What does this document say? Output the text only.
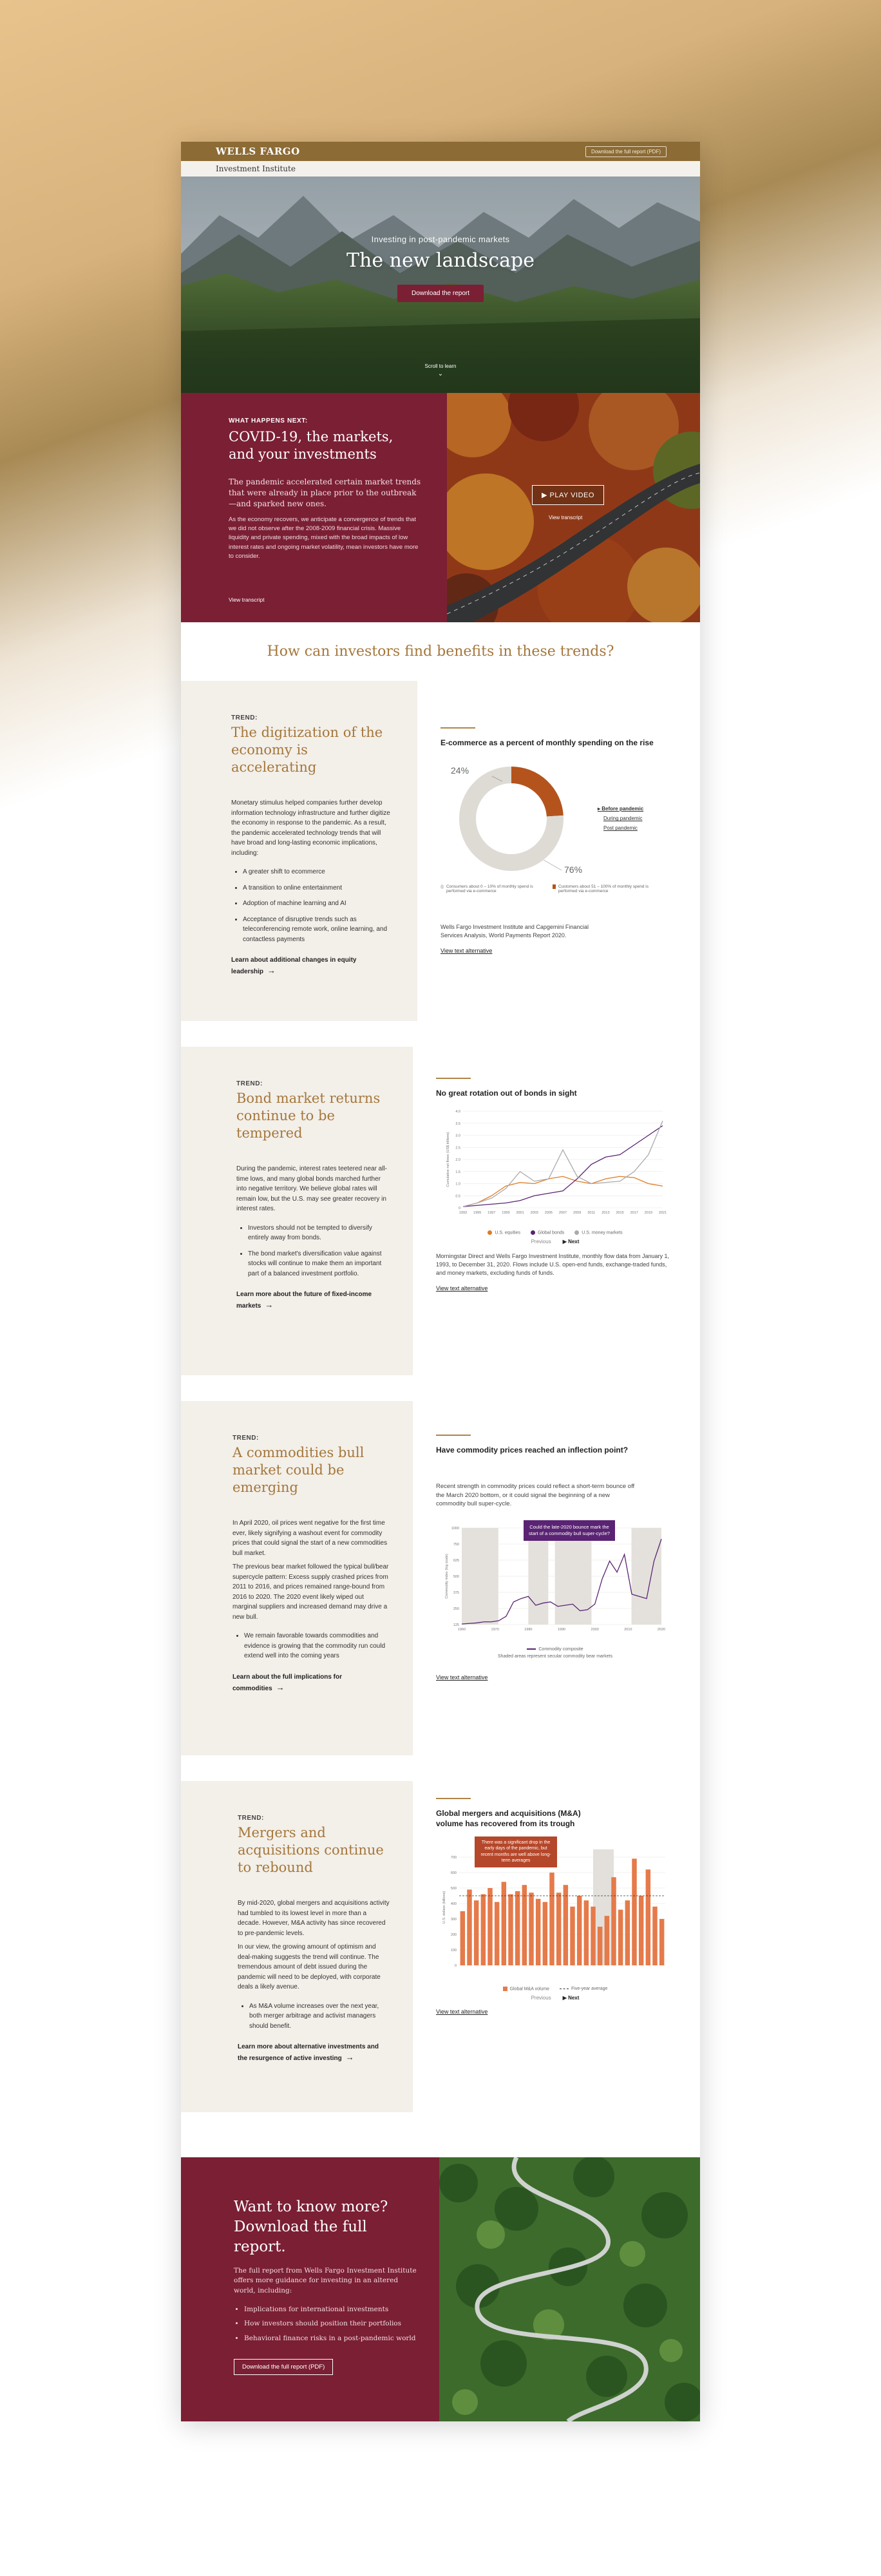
WELLS FARGO	Download the full report (PDF)
Investment Institute
Investing in post-pandemic markets
The new landscape
Download the report
Scroll to learn
⌄
WHAT HAPPENS NEXT:
COVID-19, the markets, and your investments

The pandemic accelerated certain market trends that were already in place prior to the outbreak—and sparked new ones.

As the economy recovers, we anticipate a convergence of trends that we did not observe after the 2008-2009 financial crisis. Massive liquidity and private spending, mixed with the broad impacts of low interest rates and ongoing market volatility, mean investors have more to consider.

View transcript
▶ PLAY VIDEO
View transcript
How can investors find benefits in these trends?
TREND:
The digitization of the economy is accelerating

Monetary stimulus helped companies further develop information technology infrastructure and further digitize the economy in response to the pandemic. As a result, the pandemic accelerated technology trends that will have broad and long-lasting economic implications, including:

• A greater shift to ecommerce
• A transition to online entertainment
• Adoption of machine learning and AI
• Acceptance of disruptive trends such as teleconferencing remote work, online learning, and contactless payments
Learn about additional changes in equity leadership →
E-commerce as a percent of monthly spending on the rise
24%
76%
▸ Before pandemic
During pandemic
Post pandemic
Consumers about 0 – 10% of monthly spend is performed via e-commerce
Customers about 51 – 100% of monthly spend is performed via e-commerce
Wells Fargo Investment Institute and Capgemini Financial Services Analysis, World Payments Report 2020.
View text alternative
TREND:
Bond market returns continue to be tempered

During the pandemic, interest rates teetered near all-time lows, and many global bonds marched further into negative territory. We believe global rates will remain low, but the U.S. may see greater recovery in interest rates.

• Investors should not be tempted to diversify entirely away from bonds.
• The bond market's diversification value against stocks will continue to make them an important part of a balanced investment portfolio.
Learn more about the future of fixed-income markets →
No great rotation out of bonds in sight
0
0.5
1.0
1.5
2.0
2.5
3.0
3.5
4.0
1993 1995 1997 1999 2001 2003 2005 2007 2009 2011 2013 2015 2017 2019 2021
Cumulative net flows (US$ trillions)
U.S. equities	Global bonds	U.S. money markets
Previous ▶ Next
Morningstar Direct and Wells Fargo Investment Institute, monthly flow data from January 1, 1993, to December 31, 2020. Flows include U.S. open-end funds, exchange-traded funds, and money markets, excluding funds of funds.
View text alternative
TREND:
A commodities bull market could be emerging

In April 2020, oil prices went negative for the first time ever, likely signifying a washout event for commodity prices that could signal the start of a new commodities bull market.

The previous bear market followed the typical bull/bear supercycle pattern: Excess supply crashed prices from 2011 to 2016, and prices remained range-bound from 2016 to 2020. The 2020 event likely wiped out marginal suppliers and increased demand may drive a new bull.

• We remain favorable towards commodities and evidence is growing that the commodity run could extend well into the coming years
Learn about the full implications for commodities →
Have commodity prices reached an inflection point?
Recent strength in commodity prices could reflect a short-term bounce off the March 2020 bottom, or it could signal the beginning of a new commodity bull super-cycle.
125
250
375
500
625
750
1000
1960	1970	1980	1990	2000	2010	2020
Commodity index (log scale)
Could the late-2020 bounce mark the start of a commodity bull super-cycle?
Commodity composite
Shaded areas represent secular commodity bear markets
View text alternative
TREND:
Mergers and acquisitions continue to rebound

By mid-2020, global mergers and acquisitions activity had tumbled to its lowest level in more than a decade. However, M&A activity has since recovered to pre-pandemic levels.

In our view, the growing amount of optimism and deal-making suggests the trend will continue. The tremendous amount of debt issued during the pandemic will need to be deployed, with corporate deals a likely avenue.

• As M&A volume increases over the next year, both merger arbitrage and activist managers should benefit.
Learn more about alternative investments and the resurgence of active investing →
Global mergers and acquisitions (M&A) volume has recovered from its trough
0
100
200
300
400
500
600
700
U.S. dollars (billions)
There was a significant drop in the early days of the pandemic, but recent months are well above long-term averages
Global M&A volume	Five-year average
Previous ▶ Next
View text alternative
Want to know more? Download the full report.

The full report from Wells Fargo Investment Institute offers more guidance for investing in an altered world, including:

• Implications for international investments
• How investors should position their portfolios
• Behavioral finance risks in a post-pandemic world
Download the full report (PDF)
